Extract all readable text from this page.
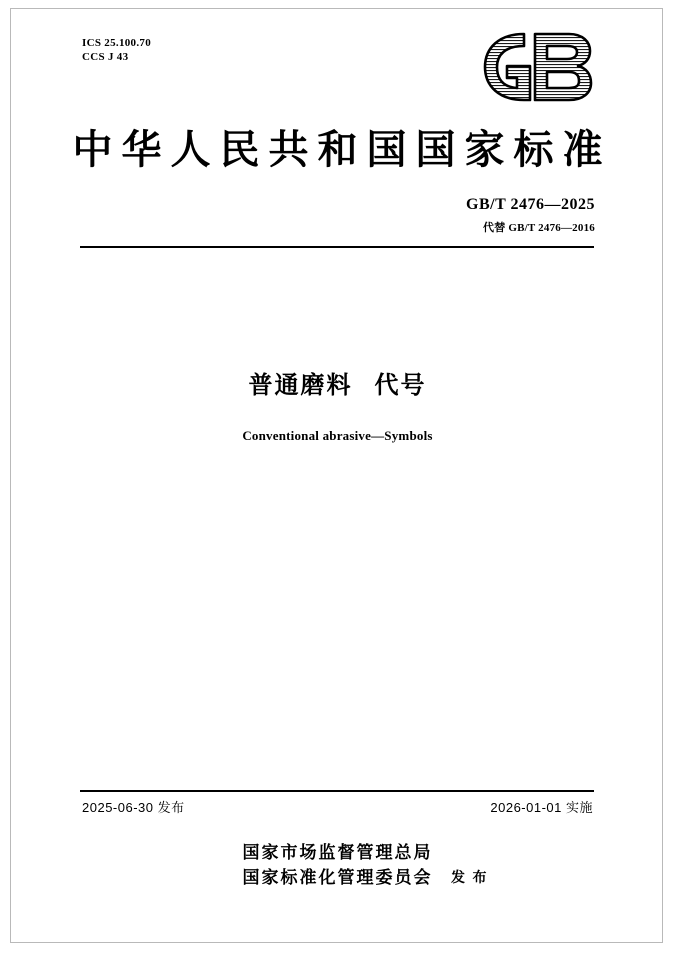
ICS 25.100.70
CCS J 43
中华人民共和国国家标准
GB/T 2476—2025
代替 GB/T 2476—2016
普通磨料 代号
Conventional abrasive—Symbols
2025-06-30 发布	2026-01-01 实施
国家市场监督管理总局
国家标准化管理委员会 发 布
